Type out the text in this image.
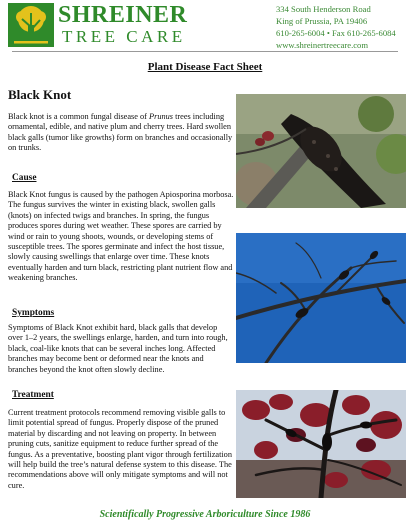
SHREINER
TREE CARE
334 South Henderson Road
King of Prussia, PA 19406
610-265-6004 • Fax 610-265-6084
www.shreinertreecare.com
Plant Disease Fact Sheet
Black Knot
Black knot is a common fungal disease of Prunus trees including ornamental, edible, and native plum and cherry trees. Hard swollen black galls (tumor like growths) form on branches and occasionally on trunks.
Cause
Black Knot fungus is caused by the pathogen Apiosporina morbosa. The fungus survives the winter in existing black, swollen galls (knots) on infected twigs and branches. In spring, the fungus produces spores during wet weather. These spores are carried by wind or rain to young shoots, wounds, or developing stems of susceptible trees. The spores germinate and infect the host tissue, slowly causing swellings that enlarge over time. These knots eventually harden and turn black, restricting plant nutrient flow and weakening branches.
Symptoms
Symptoms of Black Knot exhibit hard, black galls that develop over 1–2 years, the swellings enlarge, harden, and turn into rough, black, coal-like knots that can be several inches long. Affected branches may become bent or deformed near the knots and branches beyond the knot often slowly decline.
Treatment
Current treatment protocols recommend removing visible galls to limit potential spread of fungus. Properly dispose of the pruned material by discarding and not leaving on property. In between pruning cuts, sanitize equipment to reduce further spread of the fungus. As a preventative, boosting plant vigor through fertilization will help build the tree’s natural defense system to this disease. The recommendations above will only mitigate symptoms and will not cure.
Scientifically Progressive Arboriculture Since 1986
